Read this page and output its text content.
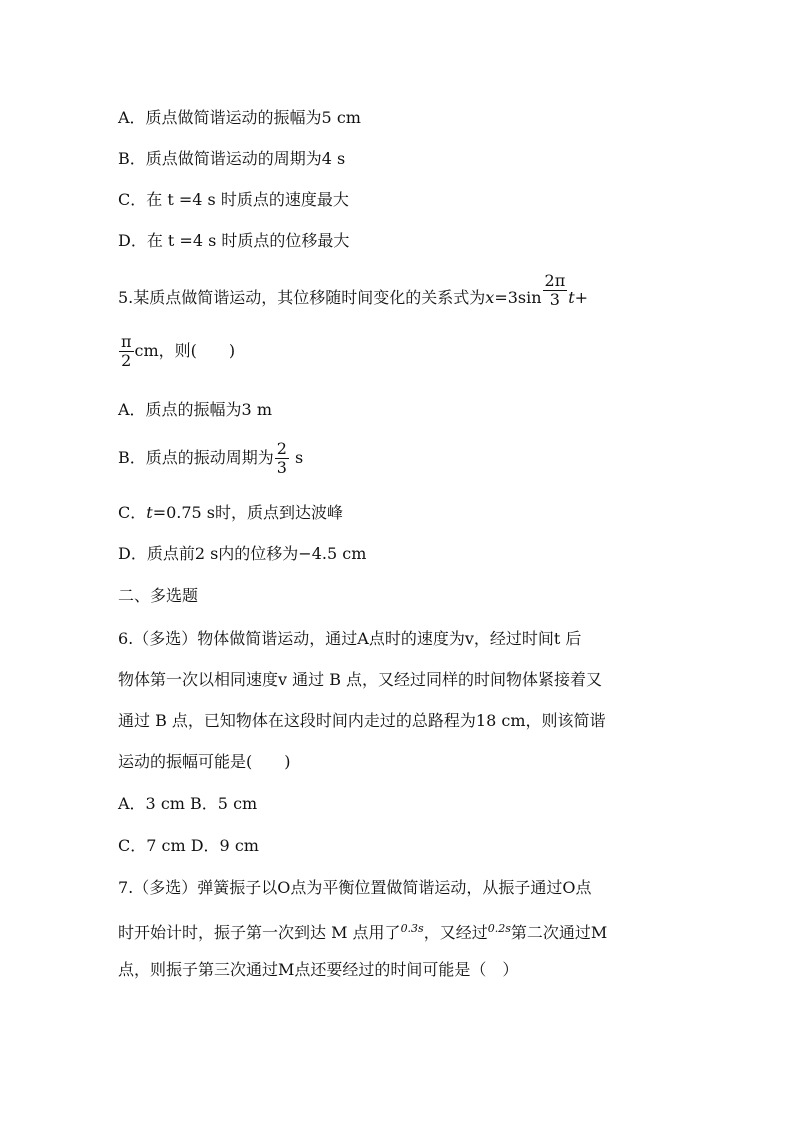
A．质点做简谐运动的振幅为5 cm
B．质点做简谐运动的周期为4 s
C．在 t =4 s 时质点的速度最大
D．在 t =4 s 时质点的位移最大
5.某质点做简谐运动，其位移随时间变化的关系式为$x=3\sin \frac{2\pi}{3} t+$
$\frac{\pi}{2}$ cm，则(　　)
A．质点的振幅为3 m
B．质点的振动周期为 $\frac{2}{3}$ s
C．t=0.75 s时，质点到达波峰
D．质点前2 s内的位移为−4.5 cm
二、多选题
6.（多选）物体做简谐运动，通过A点时的速度为v，经过时间t 后
物体第一次以相同速度v 通过 B 点，又经过同样的时间物体紧接着又
通过 B 点，已知物体在这段时间内走过的总路程为18 cm，则该简谐
运动的振幅可能是(　　)
A．3 cm B．5 cm
C．7 cm D．9 cm
7.（多选）弹簧振子以O点为平衡位置做简谐运动，从振子通过O点
时开始计时，振子第一次到达 M 点用了$^{0.3s}$，又经过$^{0.2s}$第二次通过M
点，则振子第三次通过M点还要经过的时间可能是（　）
